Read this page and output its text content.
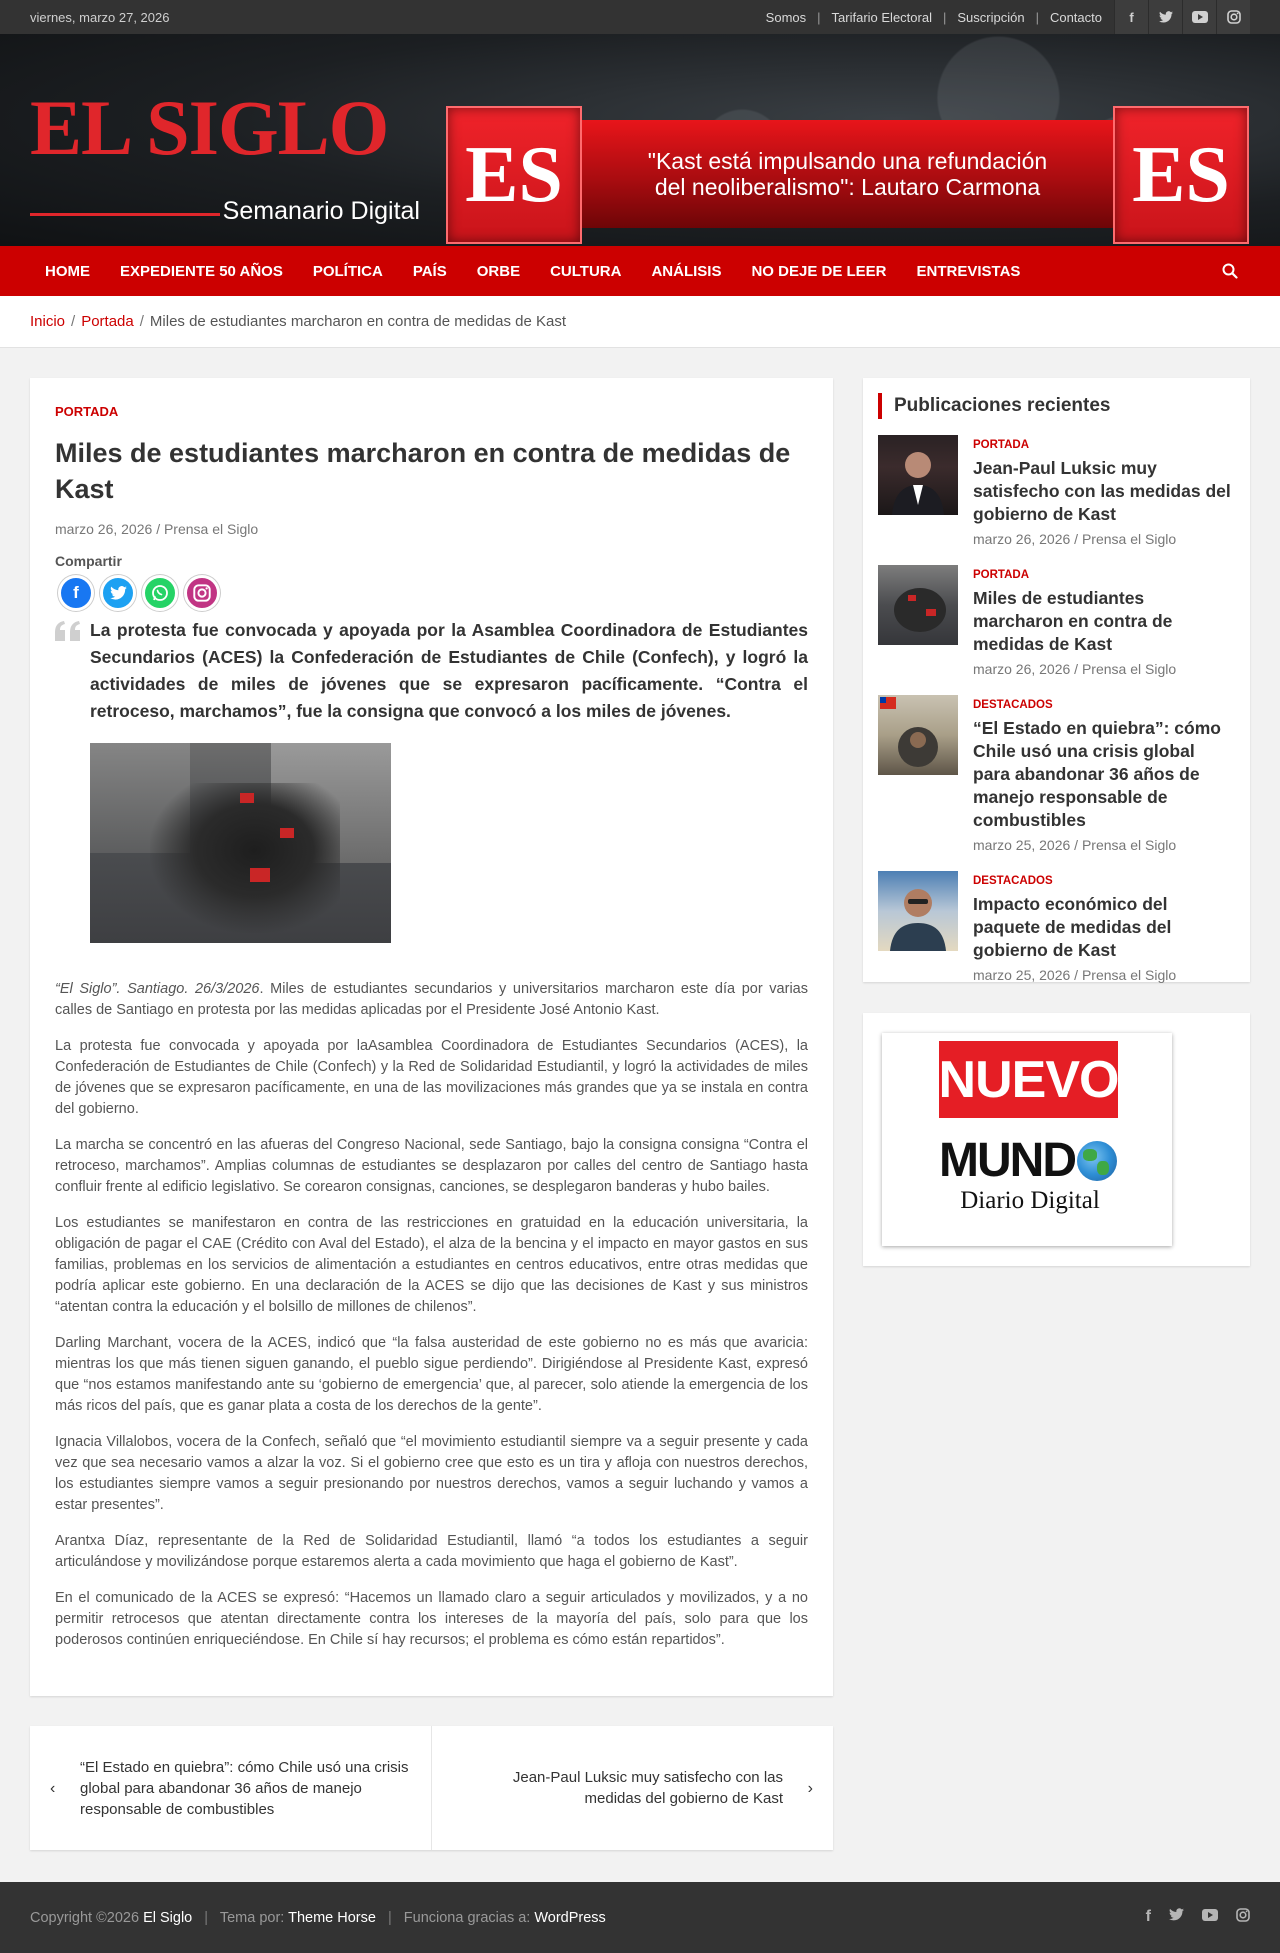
viernes, marzo 27, 2026	Somos | Tarifario Electoral | Suscripción | Contacto	f
EL SIGLO
Semanario Digital
"Kast está impulsando una refundación
del neoliberalismo": Lautaro Carmona
ES	ES
HOME	EXPEDIENTE 50 AÑOS	POLÍTICA	PAÍS	ORBE	CULTURA	ANÁLISIS	NO DEJE DE LEER	ENTREVISTAS
Inicio / Portada / Miles de estudiantes marcharon en contra de medidas de Kast
PORTADA
Miles de estudiantes marcharon en contra de medidas de Kast
marzo 26, 2026 / Prensa el Siglo
Compartir
f

La protesta fue convocada y apoyada por la Asamblea Coordinadora de Estudiantes Secundarios (ACES) la Confederación de Estudiantes de Chile (Confech), y logró la actividades de miles de jóvenes que se expresaron pacíficamente. “Contra el retroceso, marchamos”, fue la consigna que convocó a los miles de jóvenes.

“El Siglo”. Santiago. 26/3/2026. Miles de estudiantes secundarios y universitarios marcharon este día por varias calles de Santiago en protesta por las medidas aplicadas por el Presidente José Antonio Kast.

La protesta fue convocada y apoyada por laAsamblea Coordinadora de Estudiantes Secundarios (ACES), la Confederación de Estudiantes de Chile (Confech) y la Red de Solidaridad Estudiantil, y logró la actividades de miles de jóvenes que se expresaron pacíficamente, en una de las movilizaciones más grandes que ya se instala en contra del gobierno.

La marcha se concentró en las afueras del Congreso Nacional, sede Santiago, bajo la consigna consigna “Contra el retroceso, marchamos”. Amplias columnas de estudiantes se desplazaron por calles del centro de Santiago hasta confluir frente al edificio legislativo. Se corearon consignas, canciones, se desplegaron banderas y hubo bailes.

Los estudiantes se manifestaron en contra de las restricciones en gratuidad en la educación universitaria, la obligación de pagar el CAE (Crédito con Aval del Estado), el alza de la bencina y el impacto en mayor gastos en sus familias, problemas en los servicios de alimentación a estudiantes en centros educativos, entre otras medidas que podría aplicar este gobierno. En una declaración de la ACES se dijo que las decisiones de Kast y sus ministros “atentan contra la educación y el bolsillo de millones de chilenos”.

Darling Marchant, vocera de la ACES, indicó que “la falsa austeridad de este gobierno no es más que avaricia: mientras los que más tienen siguen ganando, el pueblo sigue perdiendo”. Dirigiéndose al Presidente Kast, expresó que “nos estamos manifestando ante su ‘gobierno de emergencia’ que, al parecer, solo atiende la emergencia de los más ricos del país, que es ganar plata a costa de los derechos de la gente”.

Ignacia Villalobos, vocera de la Confech, señaló que “el movimiento estudiantil siempre va a seguir presente y cada vez que sea necesario vamos a alzar la voz. Si el gobierno cree que esto es un tira y afloja con nuestros derechos, los estudiantes siempre vamos a seguir presionando por nuestros derechos, vamos a seguir luchando y vamos a estar presentes”.

Arantxa Díaz, representante de la Red de Solidaridad Estudiantil, llamó “a todos los estudiantes a seguir articulándose y movilizándose porque estaremos alerta a cada movimiento que haga el gobierno de Kast”.

En el comunicado de la ACES se expresó: “Hacemos un llamado claro a seguir articulados y movilizados, y a no permitir retrocesos que atentan directamente contra los intereses de la mayoría del país, solo para que los poderosos continúen enriqueciéndose. En Chile sí hay recursos; el problema es cómo están repartidos”.

‹
“El Estado en quiebra”: cómo Chile usó una crisis global para abandonar 36 años de manejo responsable de combustibles
Jean-Paul Luksic muy satisfecho con las medidas del gobierno de Kast
›
Publicaciones recientes
PORTADA
Jean-Paul Luksic muy satisfecho con las medidas del gobierno de Kast
marzo 26, 2026 / Prensa el Siglo
PORTADA
Miles de estudiantes marcharon en contra de medidas de Kast
marzo 26, 2026 / Prensa el Siglo
DESTACADOS
“El Estado en quiebra”: cómo Chile usó una crisis global para abandonar 36 años de manejo responsable de combustibles
marzo 25, 2026 / Prensa el Siglo
DESTACADOS
Impacto económico del paquete de medidas del gobierno de Kast
marzo 25, 2026 / Prensa el Siglo
NUEVO
MUND
Diario Digital
Copyright ©2026 El Siglo | Tema por: Theme Horse | Funciona gracias a: WordPress	f
